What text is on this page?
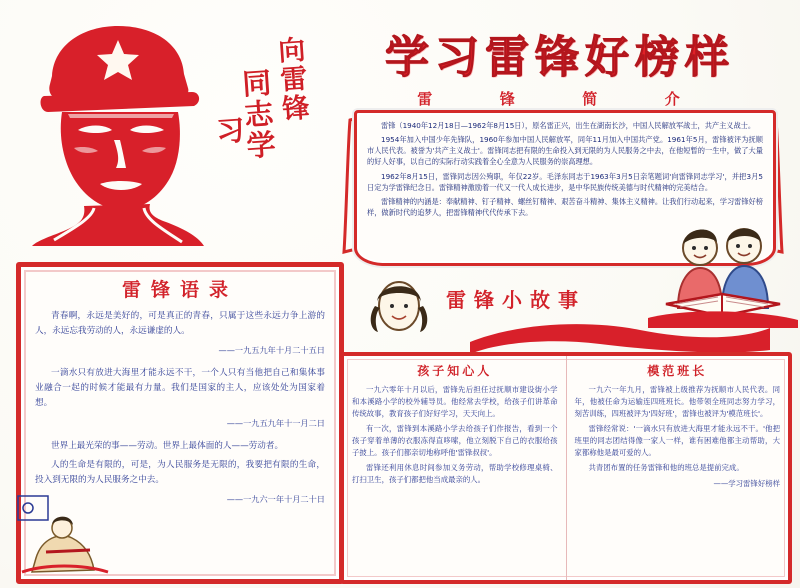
向雷锋
同志学
习
学习雷锋好榜样
雷	锋	简	介

雷锋（1940年12月18日—1962年8月15日），原名雷正兴，出生在湖南长沙，中国人民解放军战士，共产主义战士。

1954年加入中国少年先锋队，1960年参加中国人民解放军，同年11月加入中国共产党。1961年5月，雷锋被评为抚顺市人民代表。被誉为'共产主义战士'。雷锋同志把有限的生命投入到无限的为人民服务之中去，在他短暂的一生中，做了大量的好人好事，以自己的实际行动实践着全心全意为人民服务的崇高理想。

1962年8月15日，雷锋同志因公殉职，年仅22岁。毛泽东同志于1963年3月5日亲笔题词'向雷锋同志学习'，并把3月5日定为学雷锋纪念日。雷锋精神激励着一代又一代人成长进步，是中华民族传统美德与时代精神的完美结合。

雷锋精神的内涵是：奉献精神、钉子精神、螺丝钉精神、艰苦奋斗精神、集体主义精神。让我们行动起来，学习雷锋好榜样，做新时代的追梦人，把雷锋精神代代传承下去。

雷锋语录
青春啊，永远是美好的，可是真正的青春，只属于这些永远力争上游的人，永远忘我劳动的人，永远谦虚的人。
——一九五九年十月二十五日
一滴水只有放进大海里才能永远不干，一个人只有当他把自己和集体事业融合一起的时候才能最有力量。我们是国家的主人，应该处处为国家着想。
——一九五九年十一月二日
世界上最光荣的事——劳动。世界上最体面的人——劳动者。
人的生命是有限的，可是，为人民服务是无限的，我要把有限的生命，投入到无限的为人民服务之中去。
——一九六一年十月二十日
雷锋小故事
孩子知心人

一九六零年十月以后，雷锋先后担任过抚顺市建设街小学和本溪路小学的校外辅导员。他经常去学校，给孩子们讲革命传统故事，教育孩子们好好学习，天天向上。

有一次，雷锋到本溪路小学去给孩子们作报告，看到一个孩子穿着单薄的衣服冻得直哆嗦，他立刻脱下自己的衣服给孩子披上。孩子们都亲切地称呼他'雷锋叔叔'。

雷锋还利用休息时间参加义务劳动，帮助学校修理桌椅、打扫卫生，孩子们都把他当成最亲的人。

模范班长

一九六一年九月，雷锋被上级推荐为抚顺市人民代表。同年，他被任命为运输连四班班长。他带领全班同志努力学习，刻苦训练，四班被评为'四好班'，雷锋也被评为'模范班长'。

雷锋经常说：'一滴水只有放进大海里才能永远不干。'他把班里的同志团结得像一家人一样，谁有困难他都主动帮助，大家都称他是最可爱的人。

共青团布置的任务雷锋和他的班总是提前完成。

——学习雷锋好榜样
